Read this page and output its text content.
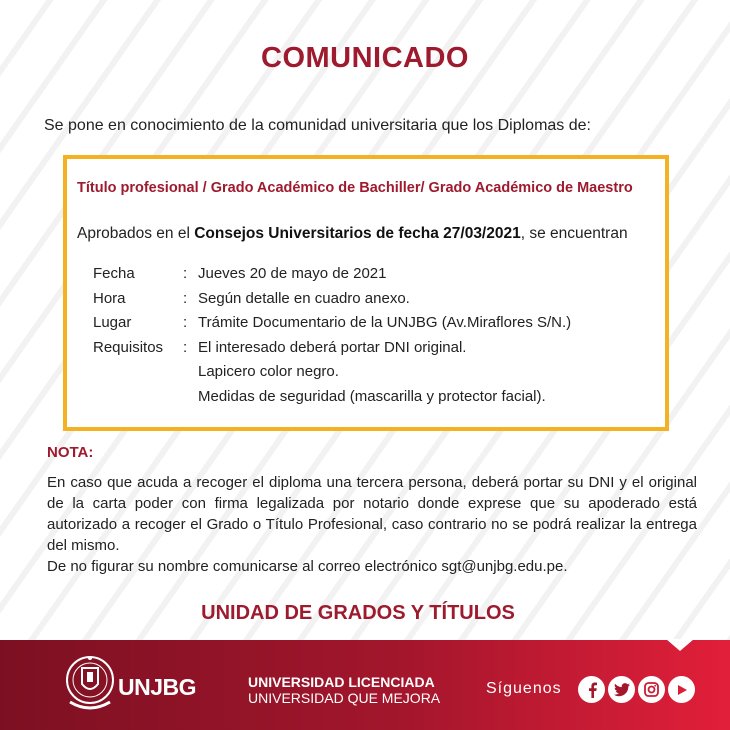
COMUNICADO
Se pone en conocimiento de la comunidad universitaria que los Diplomas de:
Título profesional / Grado Académico de Bachiller/ Grado Académico de Maestro
Aprobados en el Consejos Universitarios de fecha 27/03/2021, se encuentran
Fecha	: Jueves 20 de mayo de 2021
Hora	: Según detalle en cuadro anexo.
Lugar	: Trámite Documentario de la UNJBG (Av.Miraflores S/N.)
Requisitos	: El interesado deberá portar DNI original.
Lapicero color negro.
Medidas de seguridad (mascarilla y protector facial).
NOTA:
En caso que acuda a recoger el diploma una tercera persona, deberá portar su DNI y el original de la carta poder con firma legalizada por notario donde exprese que su apoderado está autorizado a recoger el Grado o Título Profesional, caso contrario no se podrá realizar la entrega del mismo.
De no figurar su nombre comunicarse al correo electrónico sgt@unjbg.edu.pe.
UNIDAD DE GRADOS Y TÍTULOS
UNJBG	UNIVERSIDAD LICENCIADA
UNIVERSIDAD QUE MEJORA
Síguenos
